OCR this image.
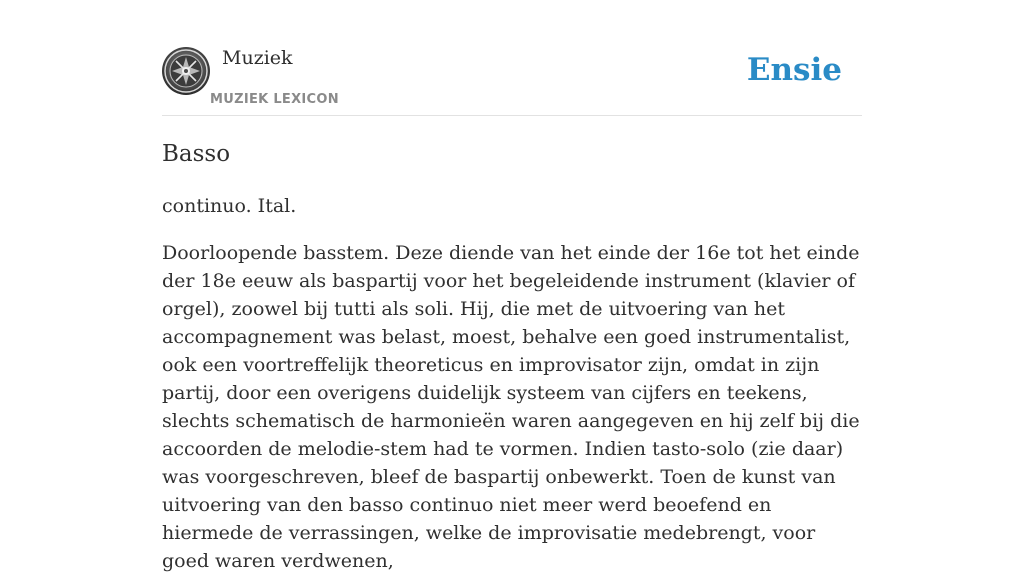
Muziek
MUZIEK LEXICON
Ensie
Basso

continuo. Ital.

Doorloopende basstem. Deze diende van het einde der 16e tot het einde der 18e eeuw als baspartij voor het begeleidende instrument (klavier of orgel), zoowel bij tutti als soli. Hij, die met de uitvoering van het accompagnement was belast, moest, behalve een goed instrumentalist, ook een voortreffelijk theoreticus en improvisator zijn, omdat in zijn partij, door een overigens duidelijk systeem van cijfers en teekens, slechts schematisch de harmonieën waren aangegeven en hij zelf bij die accoorden de melodie-stem had te vormen. Indien tasto-solo (zie daar) was voorgeschreven, bleef de baspartij onbewerkt. Toen de kunst van uitvoering van den basso continuo niet meer werd beoefend en hiermede de verrassingen, welke de improvisatie medebrengt, voor goed waren verdwenen,
